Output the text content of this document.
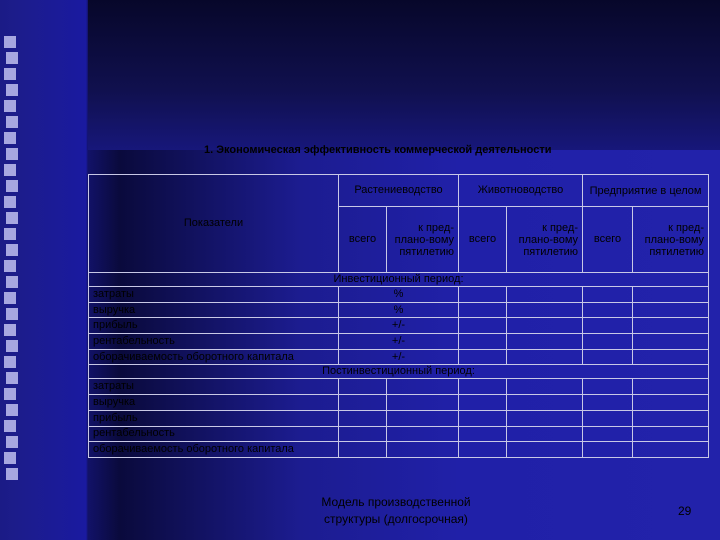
1. Экономическая эффективность коммерческой деятельности
Показатели	Растениеводство		Животноводство		Предприятие в целом	
	всего	к пред-плано-вому пятилетию	всего	к пред-плано-вому пятилетию	всего	к пред-плано-вому пятилетию
Инвестиционный период:						
затраты	%					
выручка	%					
прибыль	+/-					
рентабельность	+/-					
оборачиваемость оборотного капитала	+/-					
Постинвестиционный период:						
затраты						
выручка						
прибыль						
рентабельность						
оборачиваемость оборотного капитала						
Модель производственной
структуры (долгосрочная)
29
